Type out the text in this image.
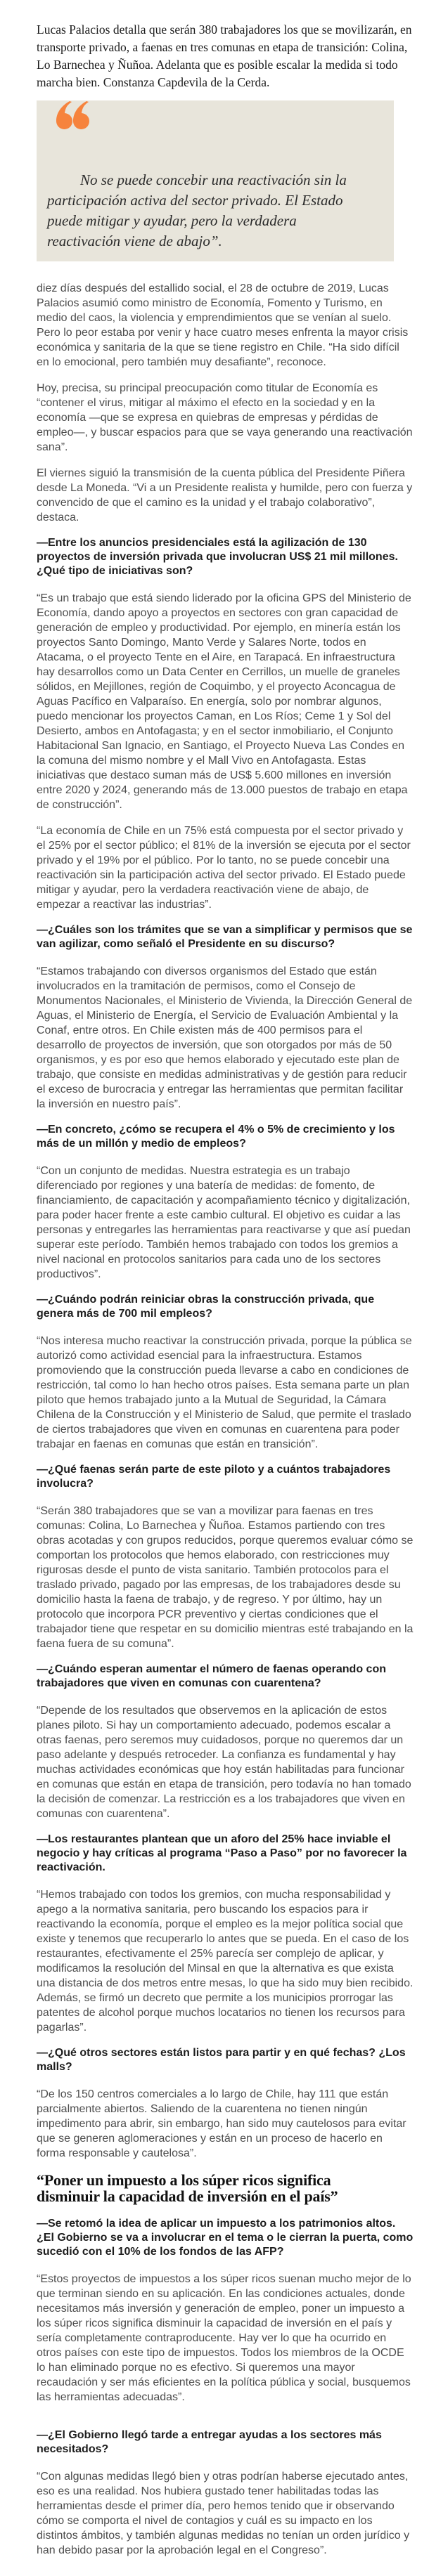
Lucas Palacios detalla que serán 380 trabajadores los que se movilizarán, en transporte privado, a faenas en tres comunas en etapa de transición: Colina, Lo Barnechea y Ñuñoa. Adelanta que es posible escalar la medida si todo marcha bien. Constanza Capdevila de la Cerda.

No se puede concebir una reactivación sin la participación activa del sector privado. El Estado puede mitigar y ayudar, pero la verdadera reactivación viene de abajo”.

diez días después del estallido social, el 28 de octubre de 2019, Lucas Palacios asumió como ministro de Economía, Fomento y Turismo, en medio del caos, la violencia y emprendimientos que se venían al suelo. Pero lo peor estaba por venir y hace cuatro meses enfrenta la mayor crisis económica y sanitaria de la que se tiene registro en Chile. “Ha sido difícil en lo emocional, pero también muy desafiante”, reconoce.

Hoy, precisa, su principal preocupación como titular de Economía es “contener el virus, mitigar al máximo el efecto en la sociedad y en la economía —que se expresa en quiebras de empresas y pérdidas de empleo—, y buscar espacios para que se vaya generando una reactivación sana”.

El viernes siguió la transmisión de la cuenta pública del Presidente Piñera desde La Moneda. “Vi a un Presidente realista y humilde, pero con fuerza y convencido de que el camino es la unidad y el trabajo colaborativo”, destaca.

—Entre los anuncios presidenciales está la agilización de 130 proyectos de inversión privada que involucran US$ 21 mil millones. ¿Qué tipo de iniciativas son?

“Es un trabajo que está siendo liderado por la oficina GPS del Ministerio de Economía, dando apoyo a proyectos en sectores con gran capacidad de generación de empleo y productividad. Por ejemplo, en minería están los proyectos Santo Domingo, Manto Verde y Salares Norte, todos en Atacama, o el proyecto Tente en el Aire, en Tarapacá. En infraestructura hay desarrollos como un Data Center en Cerrillos, un muelle de graneles sólidos, en Mejillones, región de Coquimbo, y el proyecto Aconcagua de Aguas Pacífico en Valparaíso. En energía, solo por nombrar algunos, puedo mencionar los proyectos Caman, en Los Ríos; Ceme 1 y Sol del Desierto, ambos en Antofagasta; y en el sector inmobiliario, el Conjunto Habitacional San Ignacio, en Santiago, el Proyecto Nueva Las Condes en la comuna del mismo nombre y el Mall Vivo en Antofagasta. Estas iniciativas que destaco suman más de US$ 5.600 millones en inversión entre 2020 y 2024, generando más de 13.000 puestos de trabajo en etapa de construcción”.

“La economía de Chile en un 75% está compuesta por el sector privado y el 25% por el sector público; el 81% de la inversión se ejecuta por el sector privado y el 19% por el público. Por lo tanto, no se puede concebir una reactivación sin la participación activa del sector privado. El Estado puede mitigar y ayudar, pero la verdadera reactivación viene de abajo, de empezar a reactivar las industrias”.

—¿Cuáles son los trámites que se van a simplificar y permisos que se van agilizar, como señaló el Presidente en su discurso?

“Estamos trabajando con diversos organismos del Estado que están involucrados en la tramitación de permisos, como el Consejo de Monumentos Nacionales, el Ministerio de Vivienda, la Dirección General de Aguas, el Ministerio de Energía, el Servicio de Evaluación Ambiental y la Conaf, entre otros. En Chile existen más de 400 permisos para el desarrollo de proyectos de inversión, que son otorgados por más de 50 organismos, y es por eso que hemos elaborado y ejecutado este plan de trabajo, que consiste en medidas administrativas y de gestión para reducir el exceso de burocracia y entregar las herramientas que permitan facilitar la inversión en nuestro país”.

—En concreto, ¿cómo se recupera el 4% o 5% de crecimiento y los más de un millón y medio de empleos?

“Con un conjunto de medidas. Nuestra estrategia es un trabajo diferenciado por regiones y una batería de medidas: de fomento, de financiamiento, de capacitación y acompañamiento técnico y digitalización, para poder hacer frente a este cambio cultural. El objetivo es cuidar a las personas y entregarles las herramientas para reactivarse y que así puedan superar este período. También hemos trabajado con todos los gremios a nivel nacional en protocolos sanitarios para cada uno de los sectores productivos”.

—¿Cuándo podrán reiniciar obras la construcción privada, que genera más de 700 mil empleos?

“Nos interesa mucho reactivar la construcción privada, porque la pública se autorizó como actividad esencial para la infraestructura. Estamos promoviendo que la construcción pueda llevarse a cabo en condiciones de restricción, tal como lo han hecho otros países. Esta semana parte un plan piloto que hemos trabajado junto a la Mutual de Seguridad, la Cámara Chilena de la Construcción y el Ministerio de Salud, que permite el traslado de ciertos trabajadores que viven en comunas en cuarentena para poder trabajar en faenas en comunas que están en transición”.

—¿Qué faenas serán parte de este piloto y a cuántos trabajadores involucra?

“Serán 380 trabajadores que se van a movilizar para faenas en tres comunas: Colina, Lo Barnechea y Ñuñoa. Estamos partiendo con tres obras acotadas y con grupos reducidos, porque queremos evaluar cómo se comportan los protocolos que hemos elaborado, con restricciones muy rigurosas desde el punto de vista sanitario. También protocolos para el traslado privado, pagado por las empresas, de los trabajadores desde su domicilio hasta la faena de trabajo, y de regreso. Y por último, hay un protocolo que incorpora PCR preventivo y ciertas condiciones que el trabajador tiene que respetar en su domicilio mientras esté trabajando en la faena fuera de su comuna”.

—¿Cuándo esperan aumentar el número de faenas operando con trabajadores que viven en comunas con cuarentena?

“Depende de los resultados que observemos en la aplicación de estos planes piloto. Si hay un comportamiento adecuado, podemos escalar a otras faenas, pero seremos muy cuidadosos, porque no queremos dar un paso adelante y después retroceder. La confianza es fundamental y hay muchas actividades económicas que hoy están habilitadas para funcionar en comunas que están en etapa de transición, pero todavía no han tomado la decisión de comenzar. La restricción es a los trabajadores que viven en comunas con cuarentena”.

—Los restaurantes plantean que un aforo del 25% hace inviable el negocio y hay críticas al programa “Paso a Paso” por no favorecer la reactivación.

“Hemos trabajado con todos los gremios, con mucha responsabilidad y apego a la normativa sanitaria, pero buscando los espacios para ir reactivando la economía, porque el empleo es la mejor política social que existe y tenemos que recuperarlo lo antes que se pueda. En el caso de los restaurantes, efectivamente el 25% parecía ser complejo de aplicar, y modificamos la resolución del Minsal en que la alternativa es que exista una distancia de dos metros entre mesas, lo que ha sido muy bien recibido. Además, se firmó un decreto que permite a los municipios prorrogar las patentes de alcohol porque muchos locatarios no tienen los recursos para pagarlas”.

—¿Qué otros sectores están listos para partir y en qué fechas? ¿Los malls?

“De los 150 centros comerciales a lo largo de Chile, hay 111 que están parcialmente abiertos. Saliendo de la cuarentena no tienen ningún impedimento para abrir, sin embargo, han sido muy cautelosos para evitar que se generen aglomeraciones y están en un proceso de hacerlo en forma responsable y cautelosa”.

“Poner un impuesto a los súper ricos significa disminuir la capacidad de inversión en el país”

—Se retomó la idea de aplicar un impuesto a los patrimonios altos. ¿El Gobierno se va a involucrar en el tema o le cierran la puerta, como sucedió con el 10% de los fondos de las AFP?

“Estos proyectos de impuestos a los súper ricos suenan mucho mejor de lo que terminan siendo en su aplicación. En las condiciones actuales, donde necesitamos más inversión y generación de empleo, poner un impuesto a los súper ricos significa disminuir la capacidad de inversión en el país y sería completamente contraproducente. Hay ver lo que ha ocurrido en otros países con este tipo de impuestos. Todos los miembros de la OCDE lo han eliminado porque no es efectivo. Si queremos una mayor recaudación y ser más eficientes en la política pública y social, busquemos las herramientas adecuadas”.

—¿El Gobierno llegó tarde a entregar ayudas a los sectores más necesitados?

“Con algunas medidas llegó bien y otras podrían haberse ejecutado antes, eso es una realidad. Nos hubiera gustado tener habilitadas todas las herramientas desde el primer día, pero hemos tenido que ir observando cómo se comporta el nivel de contagios y cuál es su impacto en los distintos ámbitos, y también algunas medidas no tenían un orden jurídico y han debido pasar por la aprobación legal en el Congreso”.
